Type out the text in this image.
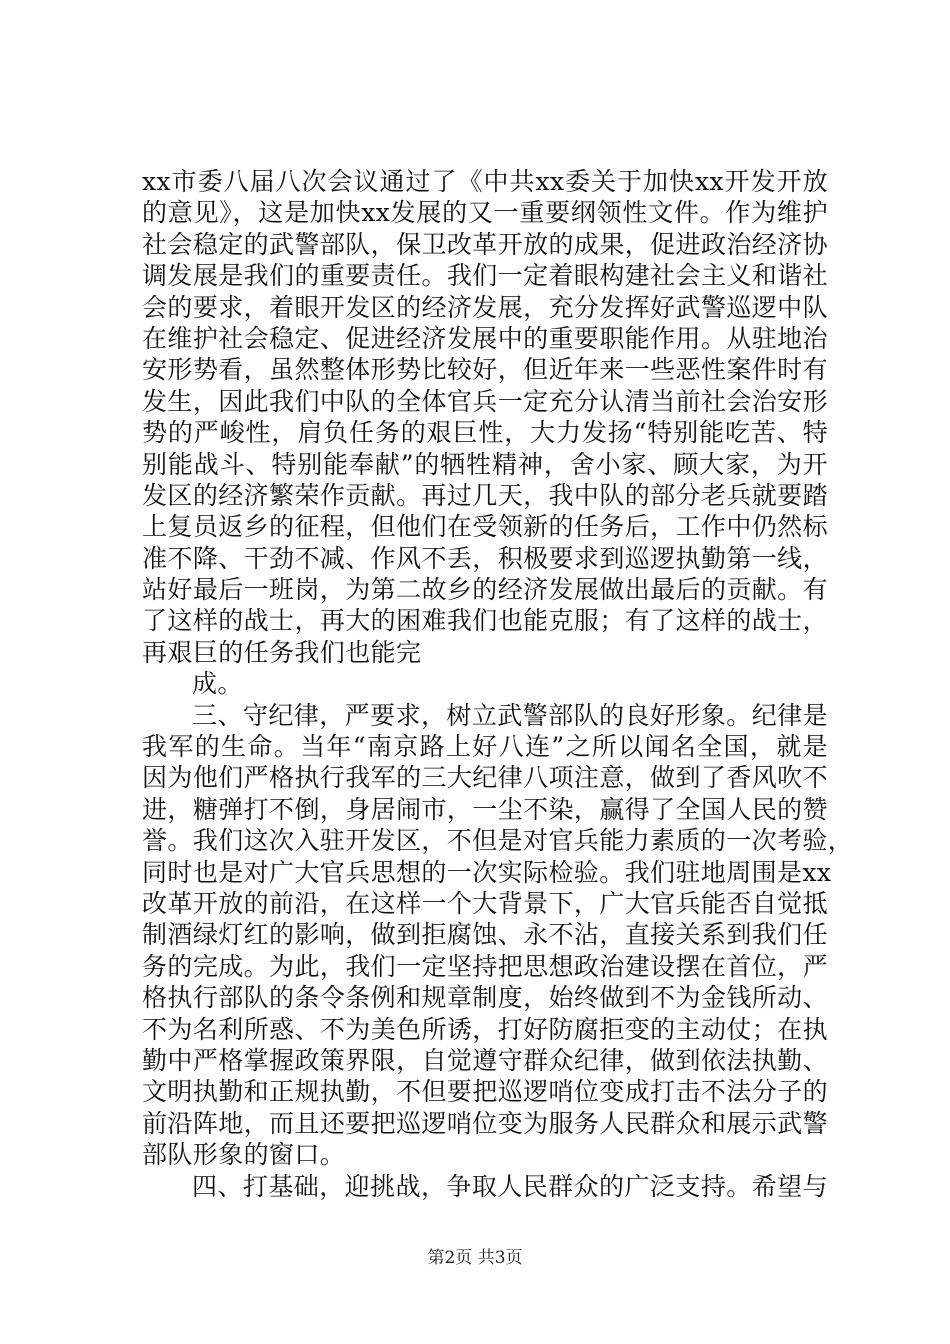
xx市委八届八次会议通过了《中共xx委关于加快xx开发开放
的意见》，这是加快xx发展的又一重要纲领性文件。作为维护
社会稳定的武警部队，保卫改革开放的成果，促进政治经济协
调发展是我们的重要责任。我们一定着眼构建社会主义和谐社
会的要求，着眼开发区的经济发展，充分发挥好武警巡逻中队
在维护社会稳定、促进经济发展中的重要职能作用。从驻地治
安形势看，虽然整体形势比较好，但近年来一些恶性案件时有
发生，因此我们中队的全体官兵一定充分认清当前社会治安形
势的严峻性，肩负任务的艰巨性，大力发扬“特别能吃苦、特
别能战斗、特别能奉献”的牺牲精神，舍小家、顾大家，为开
发区的经济繁荣作贡献。再过几天，我中队的部分老兵就要踏
上复员返乡的征程，但他们在受领新的任务后，工作中仍然标
准不降、干劲不减、作风不丢，积极要求到巡逻执勤第一线，
站好最后一班岗，为第二故乡的经济发展做出最后的贡献。有
了这样的战士，再大的困难我们也能克服；有了这样的战士，
再艰巨的任务我们也能完
成。
三、守纪律，严要求，树立武警部队的良好形象。纪律是
我军的生命。当年“南京路上好八连”之所以闻名全国，就是
因为他们严格执行我军的三大纪律八项注意，做到了香风吹不
进，糖弹打不倒，身居闹市，一尘不染，赢得了全国人民的赞
誉。我们这次入驻开发区，不但是对官兵能力素质的一次考验，
同时也是对广大官兵思想的一次实际检验。我们驻地周围是xx
改革开放的前沿，在这样一个大背景下，广大官兵能否自觉抵
制酒绿灯红的影响，做到拒腐蚀、永不沾，直接关系到我们任
务的完成。为此，我们一定坚持把思想政治建设摆在首位，严
格执行部队的条令条例和规章制度，始终做到不为金钱所动、
不为名利所惑、不为美色所诱，打好防腐拒变的主动仗；在执
勤中严格掌握政策界限，自觉遵守群众纪律，做到依法执勤、
文明执勤和正规执勤，不但要把巡逻哨位变成打击不法分子的
前沿阵地，而且还要把巡逻哨位变为服务人民群众和展示武警
部队形象的窗口。
四、打基础，迎挑战，争取人民群众的广泛支持。希望与
第2页 共3页
